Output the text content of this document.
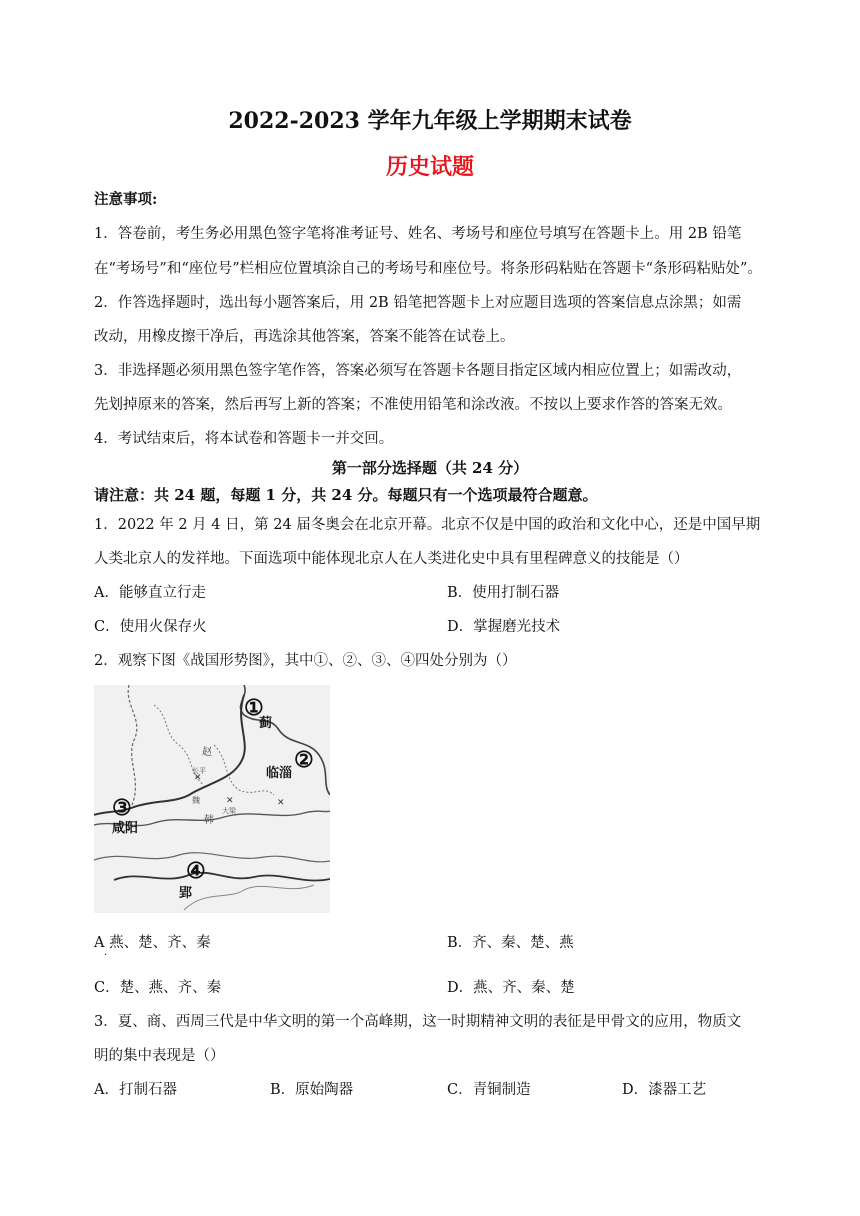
2022-2023 学年九年级上学期期末试卷
历史试题
注意事项:
1．答卷前，考生务必用黑色签字笔将准考证号、姓名、考场号和座位号填写在答题卡上。用 2B 铅笔
在“考场号”和“座位号”栏相应位置填涂自己的考场号和座位号。将条形码粘贴在答题卡“条形码粘贴处”。
2．作答选择题时，选出每小题答案后，用 2B 铅笔把答题卡上对应题目选项的答案信息点涂黑；如需
改动，用橡皮擦干净后，再选涂其他答案，答案不能答在试卷上。
3．非选择题必须用黑色签字笔作答，答案必须写在答题卡各题目指定区域内相应位置上；如需改动，
先划掉原来的答案，然后再写上新的答案；不准使用铅笔和涂改液。不按以上要求作答的答案无效。
4．考试结束后，将本试卷和答题卡一并交回。
第一部分选择题（共 24 分）
请注意：共 24 题，每题 1 分，共 24 分。每题只有一个选项最符合题意。
1．2022 年 2 月 4 日，第 24 届冬奥会在北京开幕。北京不仅是中国的政治和文化中心，还是中国早期
人类北京人的发祥地。下面选项中能体现北京人在人类进化史中具有里程碑意义的技能是（）
A．能够直立行走	B．使用打制石器
C．使用火保存火	D．掌握磨光技术
2．观察下图《战国形势图》，其中①、②、③、④四处分别为（）
✕
✕	✕
①
蓟
②
临淄
③
咸阳
④
郢
赵
韩
魏
长平
大梁
A 燕、楚、齐、秦
·
B．齐、秦、楚、燕
C．楚、燕、齐、秦	D．燕、齐、秦、楚
3．夏、商、西周三代是中华文明的第一个高峰期，这一时期精神文明的表征是甲骨文的应用，物质文
明的集中表现是（）
A．打制石器	B．原始陶器	C．青铜制造	D．漆器工艺
